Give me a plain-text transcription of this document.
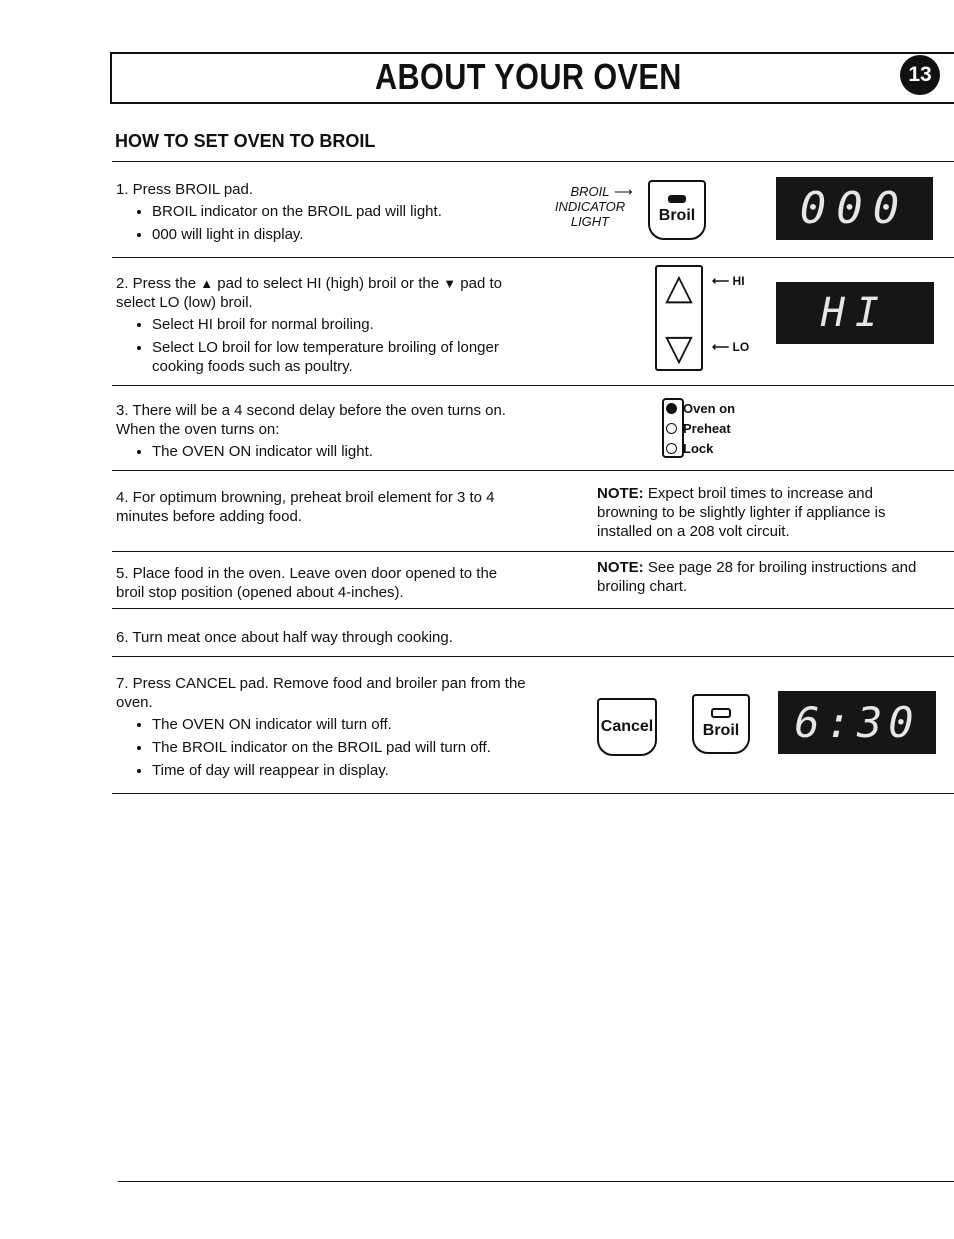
ABOUT YOUR OVEN	13
HOW TO SET OVEN TO BROIL
1. Press BROIL pad.
• BROIL indicator on the BROIL pad will light.
• 000 will light in display.
BROIL
INDICATOR
LIGHT
⟶
Broil	000
2. Press the ▲ pad to select HI (high) broil or the ▼ pad to select LO (low) broil.
• Select HI broil for normal broiling.
• Select LO broil for low temperature broiling of longer cooking foods such as poultry.
△
▽
⟵ HI
⟵ LO
HI
3. There will be a 4 second delay before the oven turns on. When the oven turns on:
• The OVEN ON indicator will light.
Oven on
Preheat
Lock
4. For optimum browning, preheat broil element for 3 to 4 minutes before adding food.
NOTE: Expect broil times to increase and browning to be slightly lighter if appliance is installed on a 208 volt circuit.
5. Place food in the oven. Leave oven door opened to the broil stop position (opened about 4-inches).
NOTE: See page 28 for broiling instructions and broiling chart.
6. Turn meat once about half way through cooking.
7. Press CANCEL pad. Remove food and broiler pan from the oven.
• The OVEN ON indicator will turn off.
• The BROIL indicator on the BROIL pad will turn off.
• Time of day will reappear in display.
Cancel	Broil	6:30
